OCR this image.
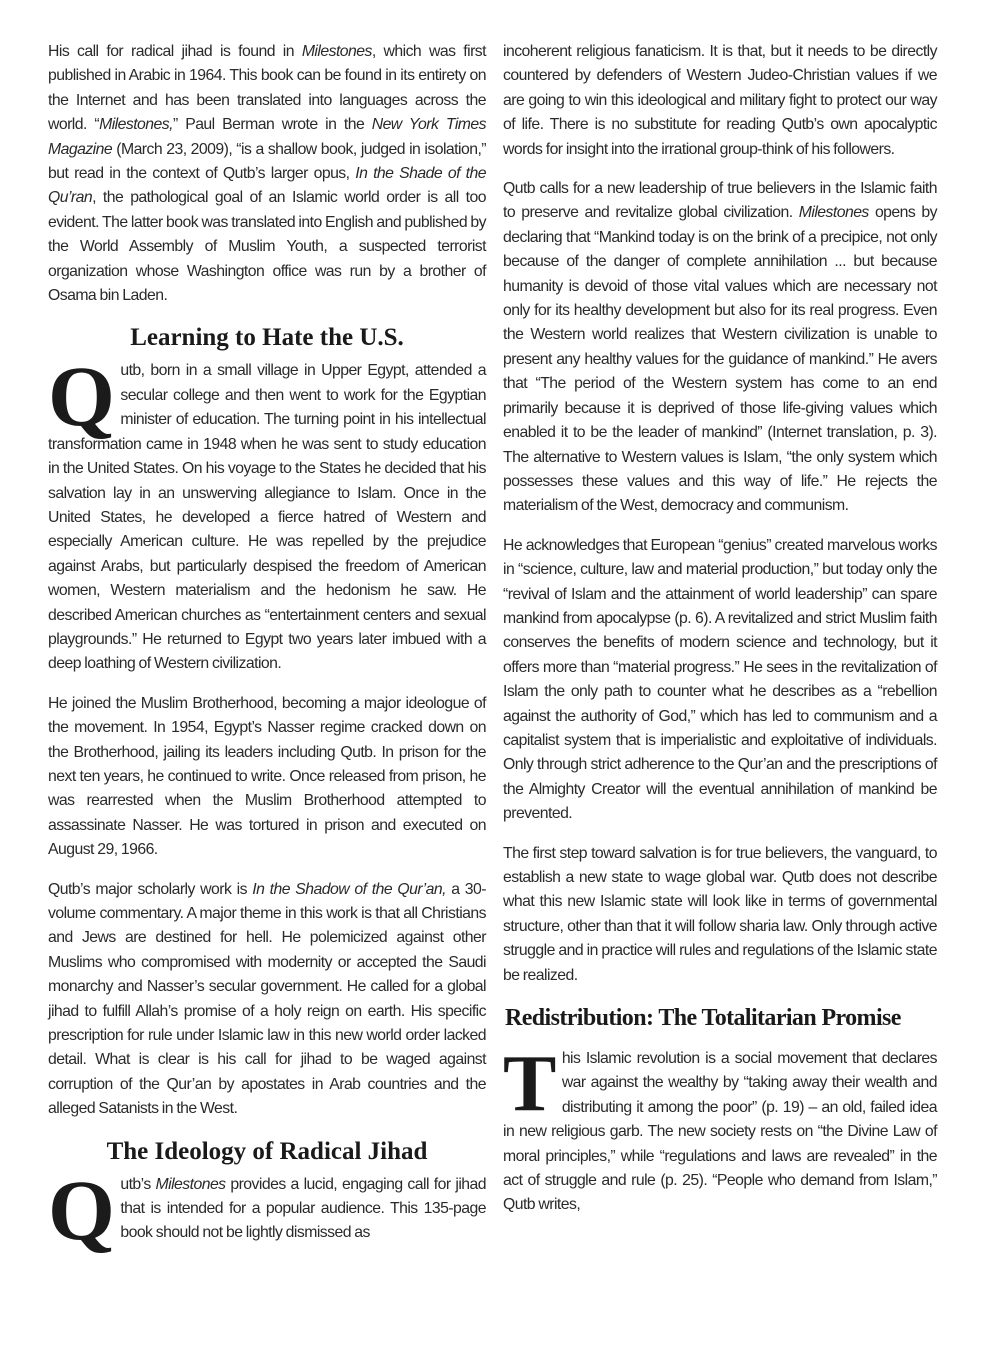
His call for radical jihad is found in Milestones, which was first published in Arabic in 1964. This book can be found in its entirety on the Internet and has been translated into languages across the world. “Milestones,” Paul Berman wrote in the New York Times Magazine (March 23, 2009), “is a shallow book, judged in isolation,” but read in the context of Qutb’s larger opus, In the Shade of the Qu’ran, the pathological goal of an Islamic world order is all too evident. The latter book was translated into English and published by the World Assembly of Muslim Youth, a suspected terrorist organization whose Washington office was run by a brother of Osama bin Laden.

Learning to Hate the U.S.

Qutb, born in a small village in Upper Egypt, attended a secular college and then went to work for the Egyptian minister of education. The turning point in his intellectual transformation came in 1948 when he was sent to study education in the United States. On his voyage to the States he decided that his salvation lay in an unswerving allegiance to Islam. Once in the United States, he developed a fierce hatred of Western and especially American culture. He was repelled by the prejudice against Arabs, but particularly despised the freedom of American women, Western materialism and the hedonism he saw. He described American churches as “entertainment centers and sexual playgrounds.” He returned to Egypt two years later imbued with a deep loathing of Western civilization.

He joined the Muslim Brotherhood, becoming a major ideologue of the movement. In 1954, Egypt’s Nasser regime cracked down on the Brotherhood, jailing its leaders including Qutb. In prison for the next ten years, he continued to write. Once released from prison, he was rearrested when the Muslim Brotherhood attempted to assassinate Nasser. He was tortured in prison and executed on August 29, 1966.

Qutb’s major scholarly work is In the Shadow of the Qur’an, a 30-volume commentary. A major theme in this work is that all Christians and Jews are destined for hell. He polemicized against other Muslims who compromised with modernity or accepted the Saudi monarchy and Nasser’s secular government. He called for a global jihad to fulfill Allah’s promise of a holy reign on earth. His specific prescription for rule under Islamic law in this new world order lacked detail. What is clear is his call for jihad to be waged against corruption of the Qur’an by apostates in Arab countries and the alleged Satanists in the West.

The Ideology of Radical Jihad

Qutb’s Milestones provides a lucid, engaging call for jihad that is intended for a popular audience. This 135-page book should not be lightly dismissed as

incoherent religious fanaticism. It is that, but it needs to be directly countered by defenders of Western Judeo-Christian values if we are going to win this ideological and military fight to protect our way of life. There is no substitute for reading Qutb’s own apocalyptic words for insight into the irrational group-think of his followers.

Qutb calls for a new leadership of true believers in the Islamic faith to preserve and revitalize global civilization. Milestones opens by declaring that “Mankind today is on the brink of a precipice, not only because of the danger of complete annihilation ... but because humanity is devoid of those vital values which are necessary not only for its healthy development but also for its real progress. Even the Western world realizes that Western civilization is unable to present any healthy values for the guidance of mankind.” He avers that “The period of the Western system has come to an end primarily because it is deprived of those life-giving values which enabled it to be the leader of mankind” (Internet translation, p. 3). The alternative to Western values is Islam, “the only system which possesses these values and this way of life.” He rejects the materialism of the West, democracy and communism.

He acknowledges that European “genius” created marvelous works in “science, culture, law and material production,” but today only the “revival of Islam and the attainment of world leadership” can spare mankind from apocalypse (p. 6). A revitalized and strict Muslim faith conserves the benefits of modern science and technology, but it offers more than “material progress.” He sees in the revitalization of Islam the only path to counter what he describes as a “rebellion against the authority of God,” which has led to communism and a capitalist system that is imperialistic and exploitative of individuals. Only through strict adherence to the Qur’an and the prescriptions of the Almighty Creator will the eventual annihilation of mankind be prevented.

The first step toward salvation is for true believers, the vanguard, to establish a new state to wage global war. Qutb does not describe what this new Islamic state will look like in terms of governmental structure, other than that it will follow sharia law. Only through active struggle and in practice will rules and regulations of the Islamic state be realized.

Redistribution: The Totalitarian Promise

This Islamic revolution is a social movement that declares war against the wealthy by “taking away their wealth and distributing it among the poor” (p. 19) – an old, failed idea in new religious garb. The new society rests on “the Divine Law of moral principles,” while “regulations and laws are revealed” in the act of struggle and rule (p. 25). “People who demand from Islam,” Qutb writes,
